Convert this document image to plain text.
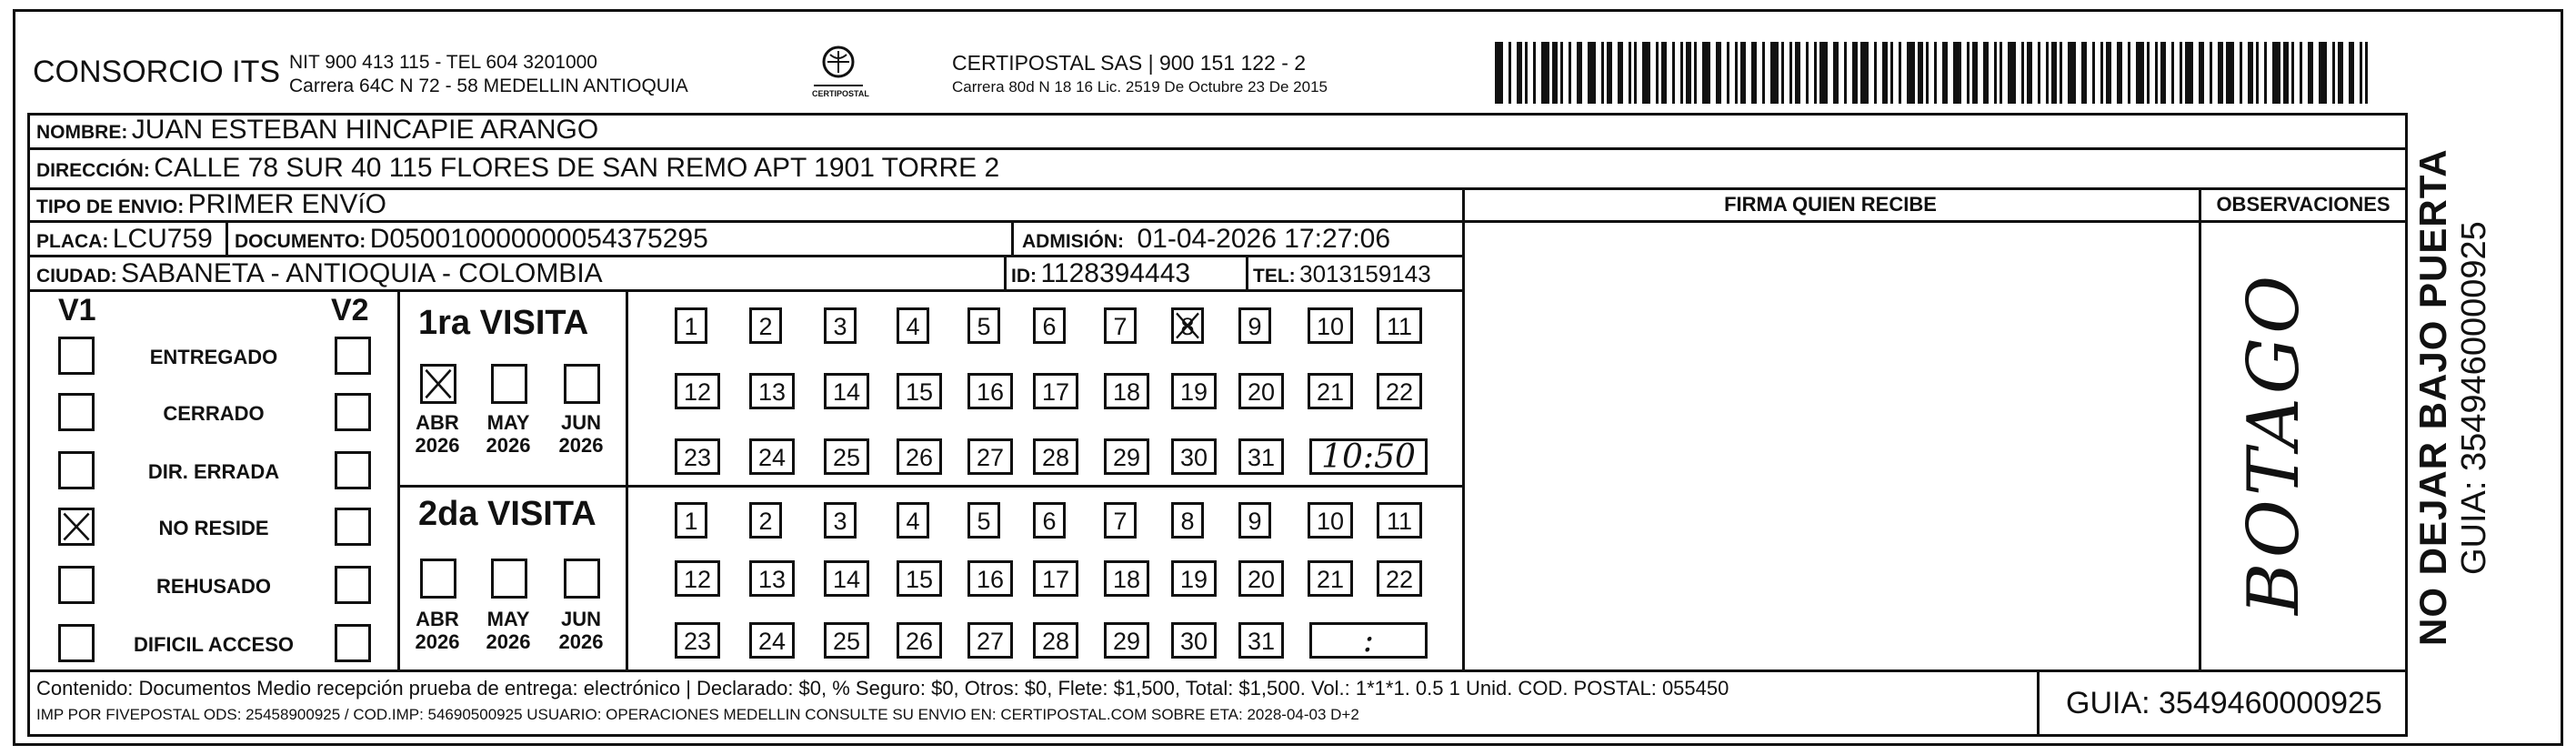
CONSORCIO ITS NIT 900 413 115 - TEL 604 3201000
Carrera 64C N 72 - 58 MEDELLIN ANTIOQUIA	CERTIPOSTAL
CERTIPOSTAL SAS | 900 151 122 - 2
Carrera 80d N 18 16 Lic. 2519 De Octubre 23 De 2015
NOMBRE: JUAN ESTEBAN HINCAPIE ARANGO
DIRECCIÓN: CALLE 78 SUR 40 115 FLORES DE SAN REMO APT 1901 TORRE 2
TIPO DE ENVIO: PRIMER ENVíO	FIRMA QUIEN RECIBE	OBSERVACIONES
PLACA: LCU759 DOCUMENTO: D050010000000054375295	ADMISIÓN: 01-04-2026 17:27:06
CIUDAD: SABANETA - ANTIOQUIA - COLOMBIA	ID: 1128394443	TEL: 3013159143
V1	V2
ENTREGADO
CERRADO
DIR. ERRADA
NO RESIDE
REHUSADO
DIFICIL ACCESO
1ra VISITA
ABR
2026
MAY
2026
JUN
2026
1	2	3	4	5	6	7	8	9	10	11
12	13	14	15	16	17	18	19	20	21	22
23	24	25	26	27	28	29	30	31	10:50
2da VISITA
ABR
2026
MAY
2026
JUN
2026
1	2	3	4	5	6	7	8	9	10	11
12	13	14	15	16	17	18	19	20	21	22
23	24	25	26	27	28	29	30	31	:
BOTAGO
Contenido: Documentos Medio recepción prueba de entrega: electrónico | Declarado: $0, % Seguro: $0, Otros: $0, Flete: $1,500, Total: $1,500. Vol.: 1*1*1. 0.5 1 Unid. COD. POSTAL: 055450
IMP POR FIVEPOSTAL ODS: 25458900925 / COD.IMP: 54690500925 USUARIO: OPERACIONES MEDELLIN CONSULTE SU ENVIO EN: CERTIPOSTAL.COM SOBRE ETA: 2028-04-03 D+2	GUIA: 3549460000925
NO DEJAR BAJO PUERTA GUIA: 3549460000925
